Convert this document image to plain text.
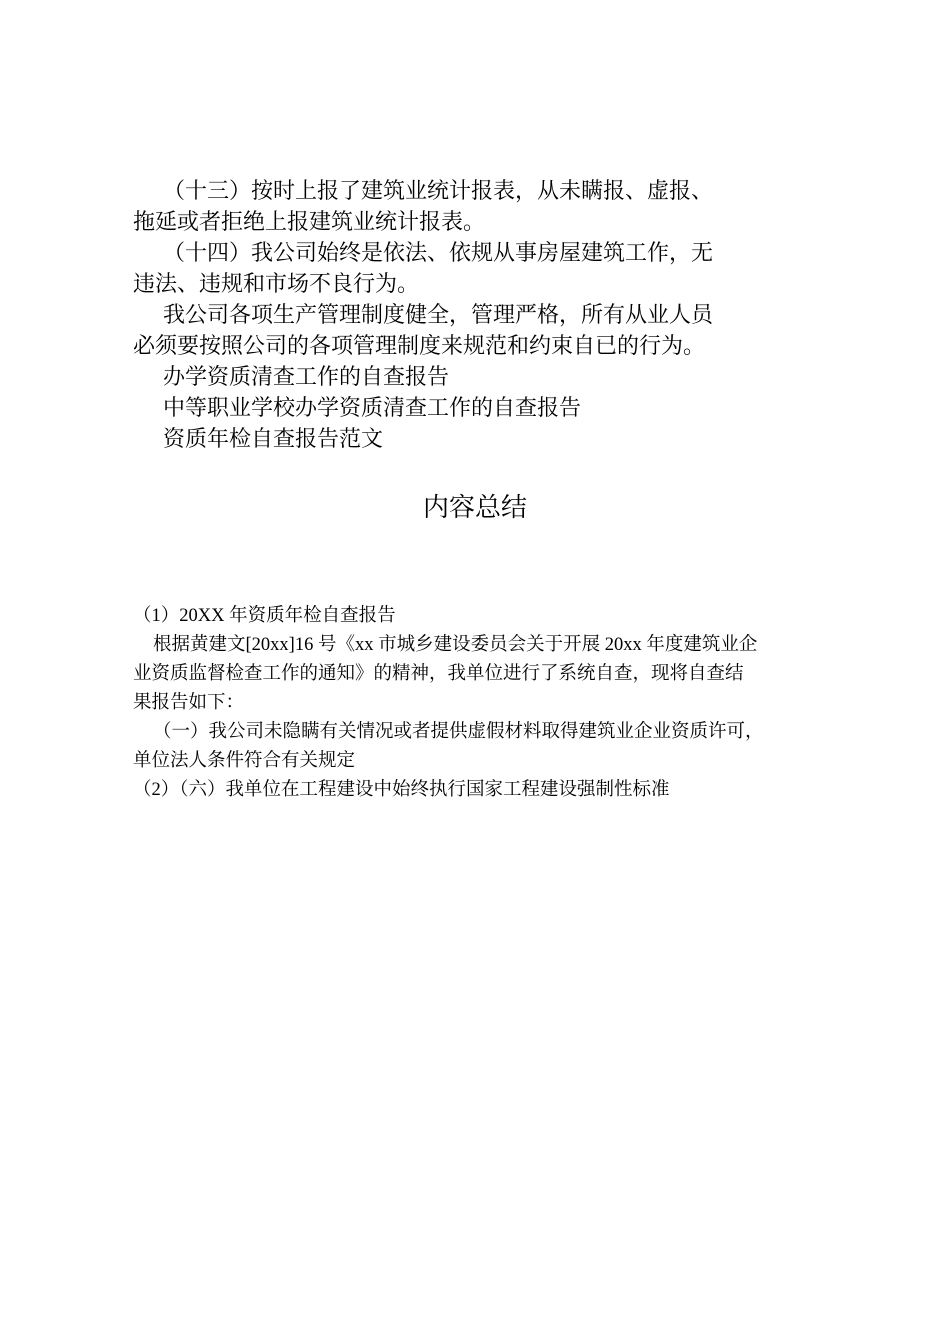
（十三）按时上报了建筑业统计报表，从未瞒报、虚报、

拖延或者拒绝上报建筑业统计报表。

（十四）我公司始终是依法、依规从事房屋建筑工作，无

违法、违规和市场不良行为。

我公司各项生产管理制度健全，管理严格，所有从业人员

必须要按照公司的各项管理制度来规范和约束自已的行为。

办学资质清查工作的自查报告

中等职业学校办学资质清查工作的自查报告

资质年检自查报告范文

内容总结

（1）20XX 年资质年检自查报告

根据黄建文[20xx]16 号《xx 市城乡建设委员会关于开展 20xx 年度建筑业企

业资质监督检查工作的通知》的精神，我单位进行了系统自查，现将自查结

果报告如下：

（一）我公司未隐瞒有关情况或者提供虚假材料取得建筑业企业资质许可，

单位法人条件符合有关规定

（2）（六）我单位在工程建设中始终执行国家工程建设强制性标准
